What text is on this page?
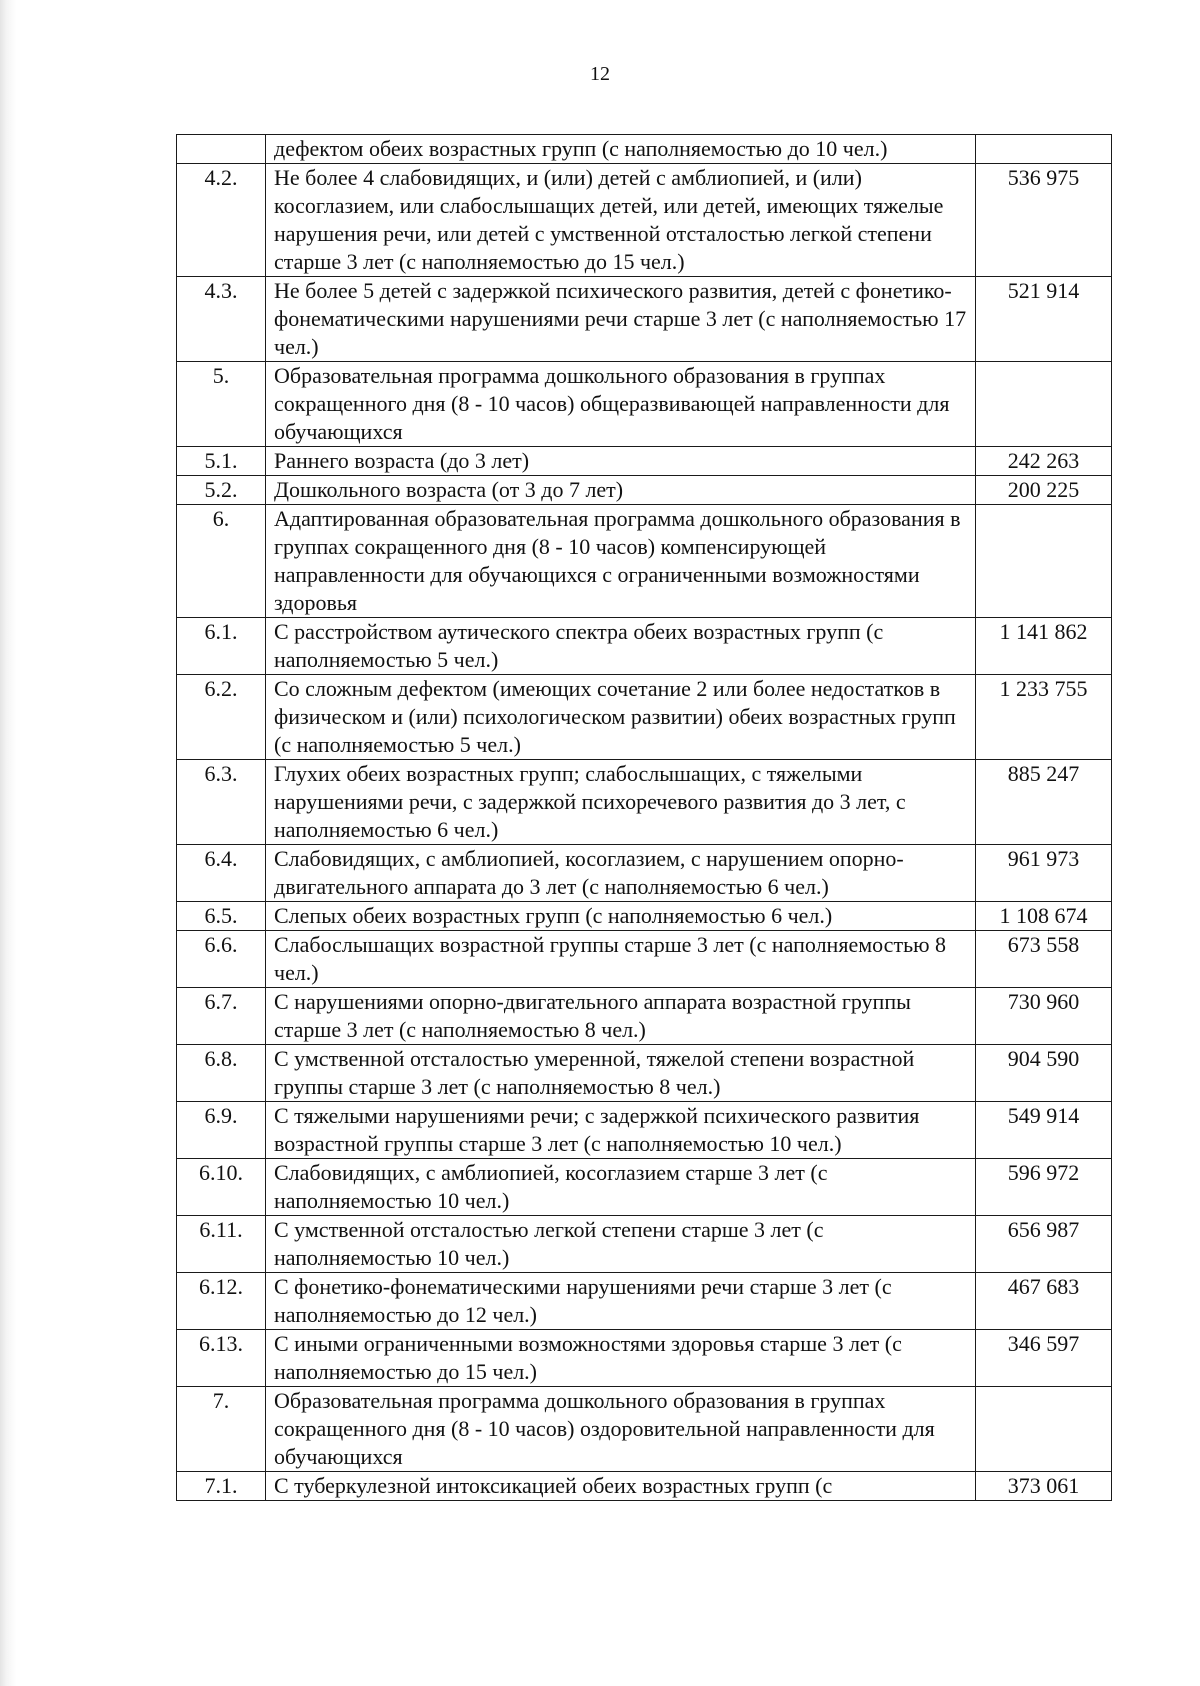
12
	дефектом обеих возрастных групп (с наполняемостью до 10 чел.)	
4.2.	Не более 4 слабовидящих, и (или) детей с амблиопией, и (или) косоглазием, или слабослышащих детей, или детей, имеющих тяжелые нарушения речи, или детей с умственной отсталостью легкой степени старше 3 лет (с наполняемостью до 15 чел.)	536 975
4.3.	Не более 5 детей с задержкой психического развития, детей с фонетико-фонематическими нарушениями речи старше 3 лет (с наполняемостью 17 чел.)	521 914
5.	Образовательная программа дошкольного образования в группах сокращенного дня (8 - 10 часов) общеразвивающей направленности для обучающихся	
5.1.	Раннего возраста (до 3 лет)	242 263
5.2.	Дошкольного возраста (от 3 до 7 лет)	200 225
6.	Адаптированная образовательная программа дошкольного образования в группах сокращенного дня (8 - 10 часов) компенсирующей направленности для обучающихся с ограниченными возможностями здоровья	
6.1.	С расстройством аутического спектра обеих возрастных групп (с наполняемостью 5 чел.)	1 141 862
6.2.	Со сложным дефектом (имеющих сочетание 2 или более недостатков в физическом и (или) психологическом развитии) обеих возрастных групп (с наполняемостью 5 чел.)	1 233 755
6.3.	Глухих обеих возрастных групп; слабослышащих, с тяжелыми нарушениями речи, с задержкой психоречевого развития до 3 лет, с наполняемостью 6 чел.)	885 247
6.4.	Слабовидящих, с амблиопией, косоглазием, с нарушением опорно-двигательного аппарата до 3 лет (с наполняемостью 6 чел.)	961 973
6.5.	Слепых обеих возрастных групп (с наполняемостью 6 чел.)	1 108 674
6.6.	Слабослышащих возрастной группы старше 3 лет (с наполняемостью 8 чел.)	673 558
6.7.	С нарушениями опорно-двигательного аппарата возрастной группы старше 3 лет (с наполняемостью 8 чел.)	730 960
6.8.	С умственной отсталостью умеренной, тяжелой степени возрастной группы старше 3 лет (с наполняемостью 8 чел.)	904 590
6.9.	С тяжелыми нарушениями речи; с задержкой психического развития возрастной группы старше 3 лет (с наполняемостью 10 чел.)	549 914
6.10.	Слабовидящих, с амблиопией, косоглазием старше 3 лет (с наполняемостью 10 чел.)	596 972
6.11.	С умственной отсталостью легкой степени старше 3 лет (с наполняемостью 10 чел.)	656 987
6.12.	С фонетико-фонематическими нарушениями речи старше 3 лет (с наполняемостью до 12 чел.)	467 683
6.13.	С иными ограниченными возможностями здоровья старше 3 лет (с наполняемостью до 15 чел.)	346 597
7.	Образовательная программа дошкольного образования в группах сокращенного дня (8 - 10 часов) оздоровительной направленности для обучающихся	
7.1.	С туберкулезной интоксикацией обеих возрастных групп (с	373 061
